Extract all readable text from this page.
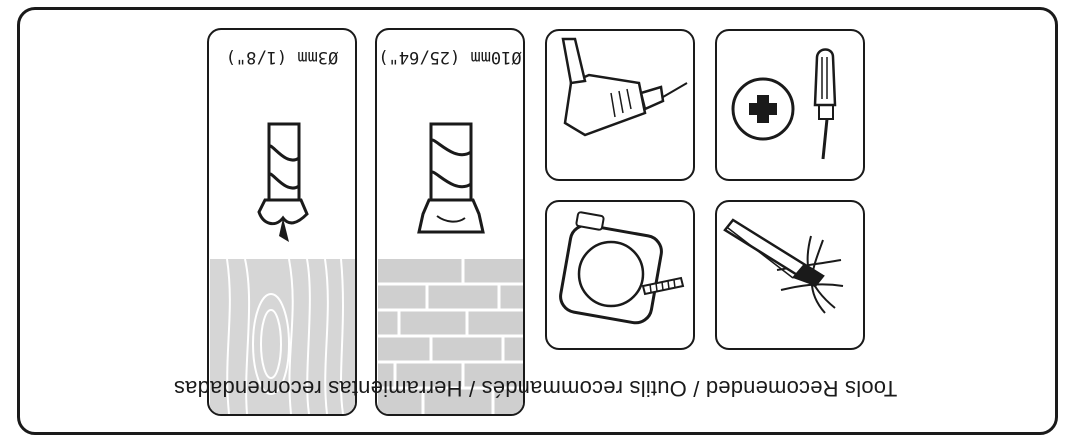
Ø10mm (25/64")
Ø3mm (1/8")
Tools Recomended / Outils recommandés / Herramientas recomendadas
